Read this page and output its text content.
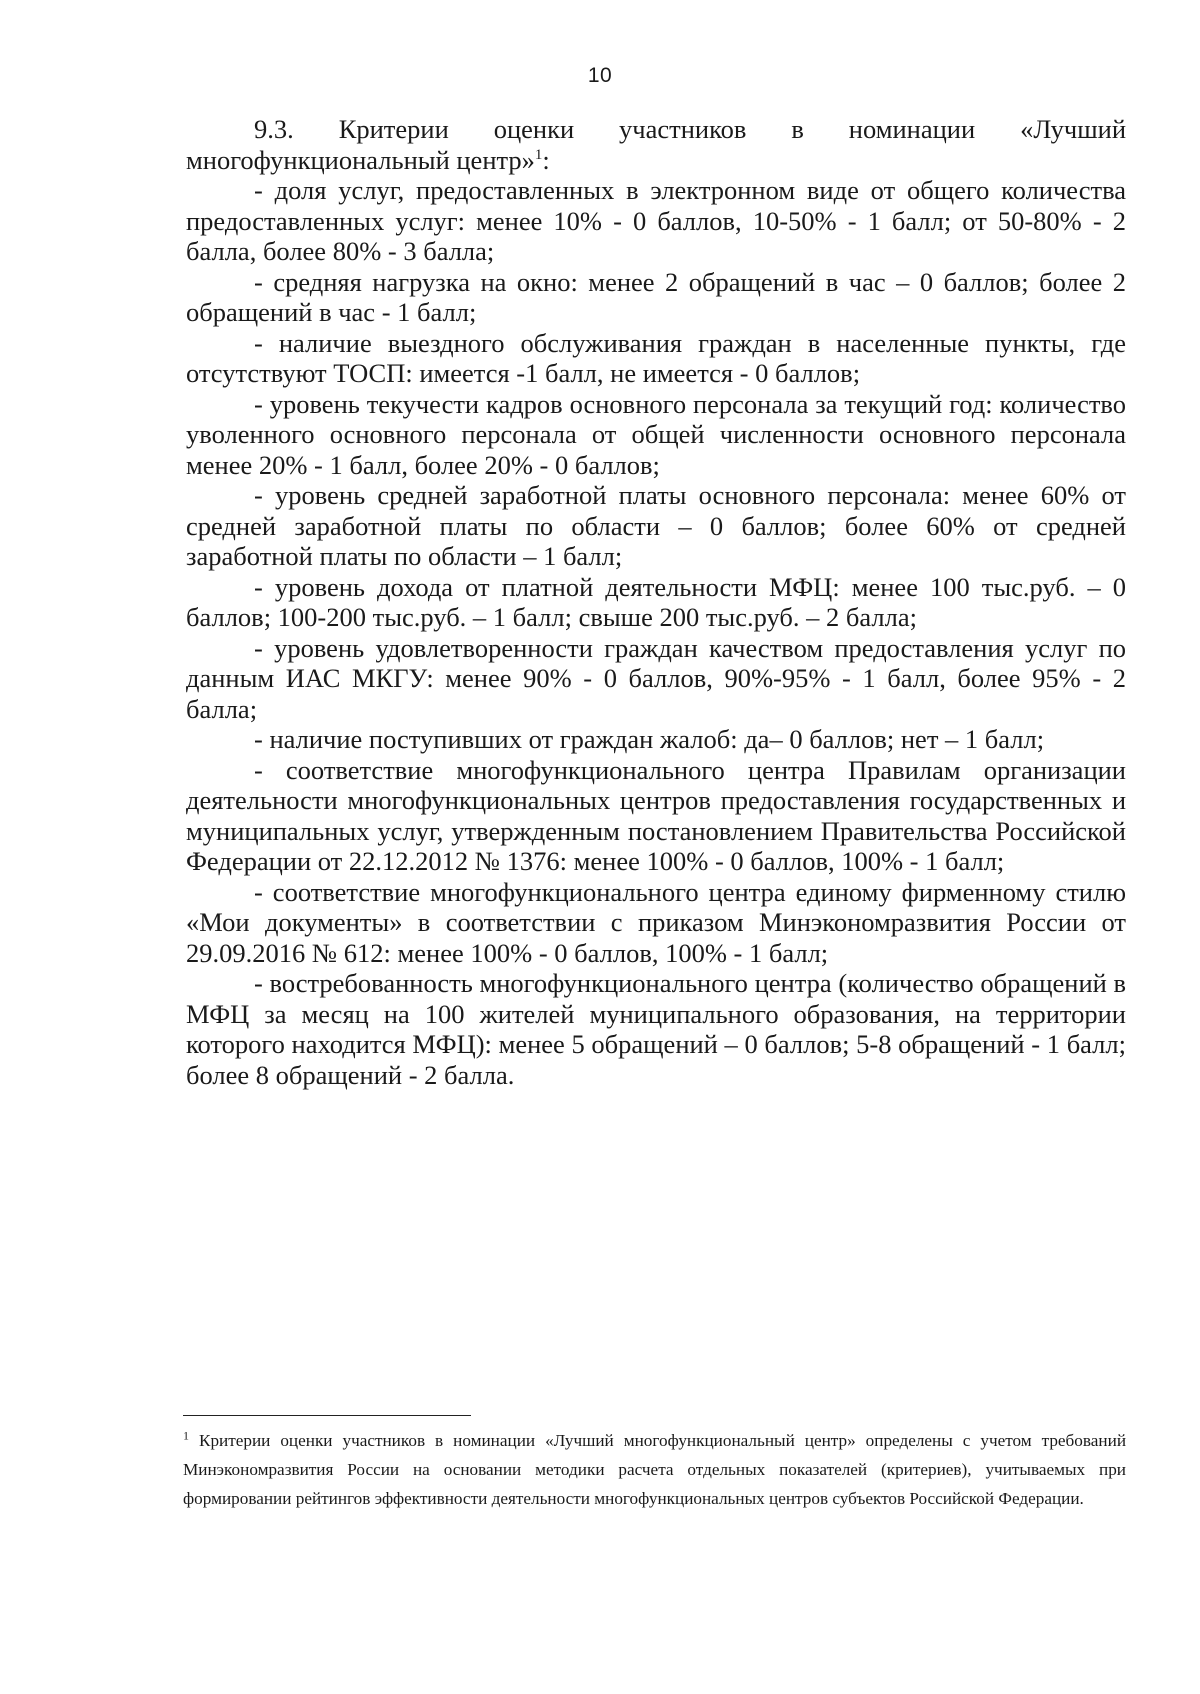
10

9.3. Критерии оценки участников в номинации «Лучший многофункциональный центр»$^1$:

- доля услуг, предоставленных в электронном виде от общего количества предоставленных услуг: менее 10% - 0 баллов, 10-50% - 1 балл; от 50-80% - 2 балла, более 80% - 3 балла;

- средняя нагрузка на окно: менее 2 обращений в час – 0 баллов; более 2 обращений в час - 1 балл;

- наличие выездного обслуживания граждан в населенные пункты, где отсутствуют ТОСП: имеется -1 балл, не имеется - 0 баллов;

- уровень текучести кадров основного персонала за текущий год: количество уволенного основного персонала от общей численности основного персонала менее 20% - 1 балл, более 20% - 0 баллов;

- уровень средней заработной платы основного персонала: менее 60% от средней заработной платы по области – 0 баллов; более 60% от средней заработной платы по области – 1 балл;

- уровень дохода от платной деятельности МФЦ: менее 100 тыс.руб. – 0 баллов; 100-200 тыс.руб. – 1 балл; свыше 200 тыс.руб. – 2 балла;

- уровень удовлетворенности граждан качеством предоставления услуг по данным ИАС МКГУ: менее 90% - 0 баллов, 90%-95% - 1 балл, более 95% - 2 балла;

- наличие поступивших от граждан жалоб: да– 0 баллов; нет – 1 балл;

- соответствие многофункционального центра Правилам организации деятельности многофункциональных центров предоставления государственных и муниципальных услуг, утвержденным постановлением Правительства Российской Федерации от 22.12.2012 № 1376: менее 100% - 0 баллов, 100% - 1 балл;

- соответствие многофункционального центра единому фирменному стилю «Мои документы» в соответствии с приказом Минэкономразвития России от 29.09.2016 № 612: менее 100% - 0 баллов, 100% - 1 балл;

- востребованность многофункционального центра (количество обращений в МФЦ за месяц на 100 жителей муниципального образования, на территории которого находится МФЦ): менее 5 обращений – 0 баллов; 5-8 обращений - 1 балл; более 8 обращений - 2 балла.

$^1$ Критерии оценки участников в номинации «Лучший многофункциональный центр» определены с учетом требований Минэкономразвития России на основании методики расчета отдельных показателей (критериев), учитываемых при формировании рейтингов эффективности деятельности многофункциональных центров субъектов Российской Федерации.
